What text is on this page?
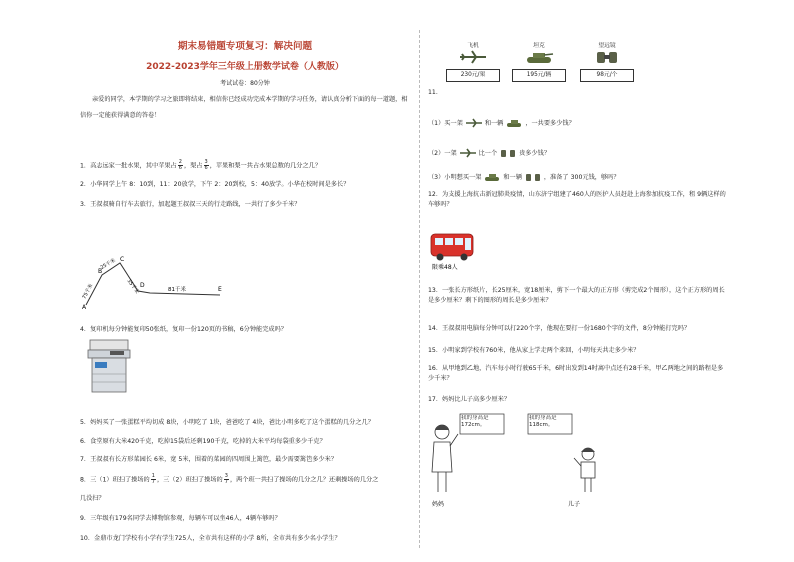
期末易错题专项复习：解决问题
2022-2023学年三年级上册数学试卷（人教版）
考试试卷：80分钟
亲爱的同学，本学期的学习之旅即将结束，相信你已经成功完成本学期的学习任务，请认真分析下面的每一道题，相信你一定能获得满意的答卷！
1．高志远家一批水果，其中苹果占 $\frac{2}{6}$ ，梨占 $\frac{3}{6}$ ，苹果和梨一共占水果总数的几分之几？
2．小华同学上午 8：10到，11：20放学，下午 2：20到校，5：40放学。小华在校时间是多长？
3．王叔叔骑自行车去旅行，加起题王叔叔三天的行走路线，一共行了多少千米？
A
B
C
D
E
75千米
25千米
35千米	81千米
4．复印机每分钟能复印50张纸，复印一份120页的书稿，6分钟能完成吗？
5．妈妈买了一张蛋糕平均切成 8块，小明吃了 1块，爸爸吃了 4块，爸比小明多吃了这个蛋糕的几分之几？
6．食堂原有大米420千克，吃掉15袋后还剩190千克，吃掉的大米平均每袋重多少千克？
7．王叔叔有长方形菜园长 6米，宽 5米，围着的菜园的四周围上篱笆，最少需要篱笆多少米？
8．三（1）班扫了操场的 $\frac{1}{7}$ ，三（2）班扫了操场的 $\frac{3}{7}$ ，两个班一共扫了操场的几分之几？还剩操场的几分之
几没扫？
9．三年级有179名同学去博物馆参观，每辆车可以坐46人，4辆车够吗？
10．金鼎市龙门学校有小学有学生725人，全市共有这样的小学 8所，全市共有多少名小学生？
飞机
230元/架
坦克
195元/辆
望远镜
98元/个
11.
（1）买一架	和一辆	，一共要多少钱？
（2）一架	比一个	贵多少钱？
（3）小明想买一架	和一辆	，准备了 300元钱，够吗？
12．为支援上海抗击新冠肺炎疫情，山东济宁组建了460人的医护人员赶赴上海参加抗疫工作，租 9辆这样的车够吗？
限乘48人
13．一张长方形纸片，长25厘米，宽18厘米，剪下一个最大的正方形（剪完成2个图形），这个正方形的周长是多少厘米？剩下的图形的周长是多少厘米？
14．王叔叔用电脑每分钟可以打220个字，他现在要打一份1680个字的文件，8分钟能打完吗？
15．小明家到学校有760米，他从家上学走两个来回，小明每天共走多少米？
16．从甲地到乙地，汽车每小时行驶65千米，6时出发到14时离中点还有28千米，甲乙两地之间的路程是多少千米？
17．妈妈比儿子高多少厘米？
我的身高是172cm。
妈妈
我的身高是118cm。
儿子
